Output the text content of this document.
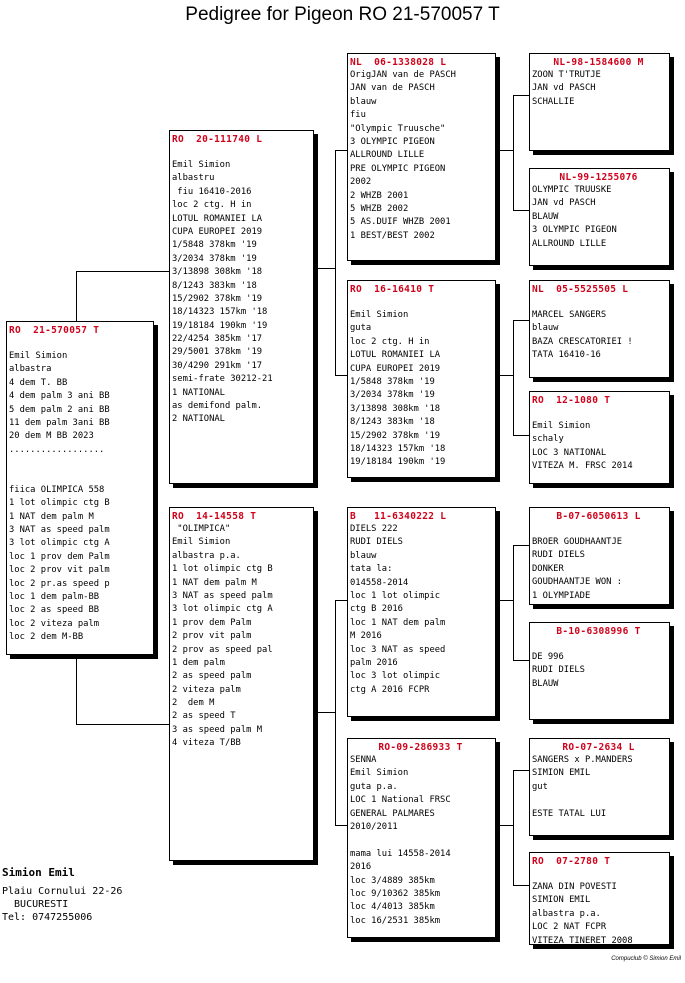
Pedigree for Pigeon RO 21-570057 T
RO  21-570057 T
Emil Simion
albastra
4 dem T. BB
4 dem palm 3 ani BB
5 dem palm 2 ani BB
11 dem palm 3ani BB
20 dem M BB 2023
..................
fiica OLIMPICA 558
1 lot olimpic ctg B
1 NAT dem palm M
3 NAT as speed palm
3 lot olimpic ctg A
loc 1 prov dem Palm
loc 2 prov vit palm
loc 2 pr.as speed p
loc 1 dem palm-BB
loc 2 as speed BB
loc 2 viteza palm
loc 2 dem M-BB
RO  20-111740 L
Emil Simion
albastru
fiu 16410-2016
loc 2 ctg. H in
LOTUL ROMANIEI LA
CUPA EUROPEI 2019
1/5848 378km '19
3/2034 378km '19
3/13898 308km '18
8/1243 383km '18
15/2902 378km '19
18/14323 157km '18
19/18184 190km '19
22/4254 385km '17
29/5001 378km '19
30/4290 291km '17
semi-frate 30212-21
1 NATIONAL
as demifond palm.
2 NATIONAL
RO  14-14558 T
"OLIMPICA"
Emil Simion
albastra p.a.
1 lot olimpic ctg B
1 NAT dem palm M
3 NAT as speed palm
3 lot olimpic ctg A
1 prov dem Palm
2 prov vit palm
2 prov as speed pal
1 dem palm
2 as speed palm
2 viteza palm
2  dem M
2 as speed T
3 as speed palm M
4 viteza T/BB
NL  06-1338028 L
OrigJAN van de PASCH
JAN van de PASCH
blauw
fiu
"Olympic Truusche"
3 OLYMPIC PIGEON
ALLROUND LILLE
PRE OLYMPIC PIGEON
2002
2 WHZB 2001
5 WHZB 2002
5 AS.DUIF WHZB 2001
1 BEST/BEST 2002
RO  16-16410 T
Emil Simion
guta
loc 2 ctg. H in
LOTUL ROMANIEI LA
CUPA EUROPEI 2019
1/5848 378km '19
3/2034 378km '19
3/13898 308km '18
8/1243 383km '18
15/2902 378km '19
18/14323 157km '18
19/18184 190km '19
B   11-6340222 L
DIELS 222
RUDI DIELS
blauw
tata la:
014558-2014
loc 1 lot olimpic
ctg B 2016
loc 1 NAT dem palm
M 2016
loc 3 NAT as speed
palm 2016
loc 3 lot olimpic
ctg A 2016 FCPR
RO-09-286933 T
SENNA
Emil Simion
guta p.a.
LOC 1 National FRSC
GENERAL PALMARES
2010/2011
mama lui 14558-2014
2016
loc 3/4889 385km
loc 9/10362 385km
loc 4/4013 385km
loc 16/2531 385km
NL-98-1584600 M
ZOON T'TRUTJE
JAN vd PASCH
SCHALLIE
NL-99-1255076
OLYMPIC TRUUSKE
JAN vd PASCH
BLAUW
3 OLYMPIC PIGEON
ALLROUND LILLE
NL  05-5525505 L
MARCEL SANGERS
blauw
BAZA CRESCATORIEI !
TATA 16410-16
RO  12-1080 T
Emil Simion
schaly
LOC 3 NATIONAL
VITEZA M. FRSC 2014
B-07-6050613 L
BROER GOUDHAANTJE
RUDI DIELS
DONKER
GOUDHAANTJE WON :
1 OLYMPIADE
B-10-6308996 T
DE 996
RUDI DIELS
BLAUW
RO-07-2634 L
SANGERS x P.MANDERS
SIMION EMIL
gut
ESTE TATAL LUI
RO  07-2780 T
ZANA DIN POVESTI
SIMION EMIL
albastra p.a.
LOC 2 NAT FCPR
VITEZA TINERET 2008
Simion Emil
Plaiu Cornului 22-26
BUCURESTI
Tel: 0747255006
Compuclub © Simion Emil
